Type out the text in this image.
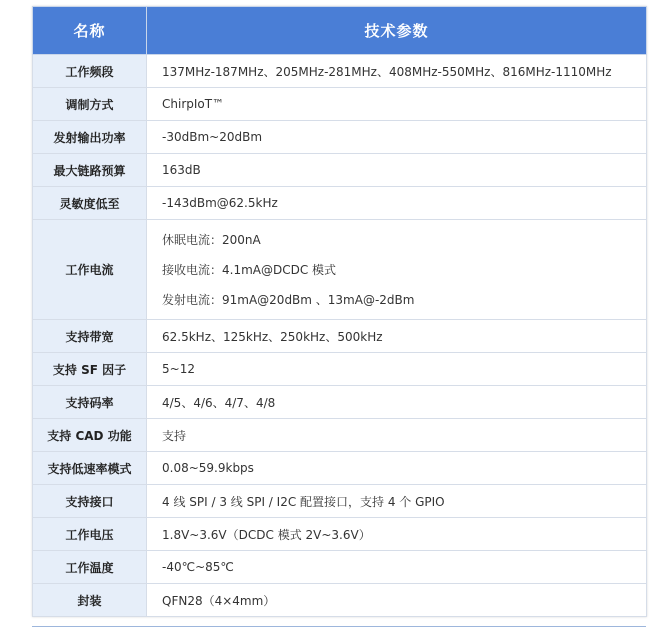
名称	技术参数
工作频段	137MHz-187MHz、205MHz-281MHz、408MHz-550MHz、816MHz-1110MHz
调制方式	ChirpIoT™
发射输出功率	-30dBm~20dBm
最大链路预算	163dB
灵敏度低至	-143dBm@62.5kHz
工作电流	休眠电流：200nA
接收电流：4.1mA@DCDC 模式
发射电流：91mA@20dBm 、13mA@-2dBm

支持带宽	62.5kHz、125kHz、250kHz、500kHz
支持 SF 因子	5~12
支持码率	4/5、4/6、4/7、4/8
支持 CAD 功能	支持
支持低速率模式	0.08~59.9kbps
支持接口	4 线 SPI / 3 线 SPI / I2C 配置接口，支持 4 个 GPIO
工作电压	1.8V~3.6V（DCDC 模式 2V~3.6V）
工作温度	-40℃~85℃
封装	QFN28（4×4mm）
